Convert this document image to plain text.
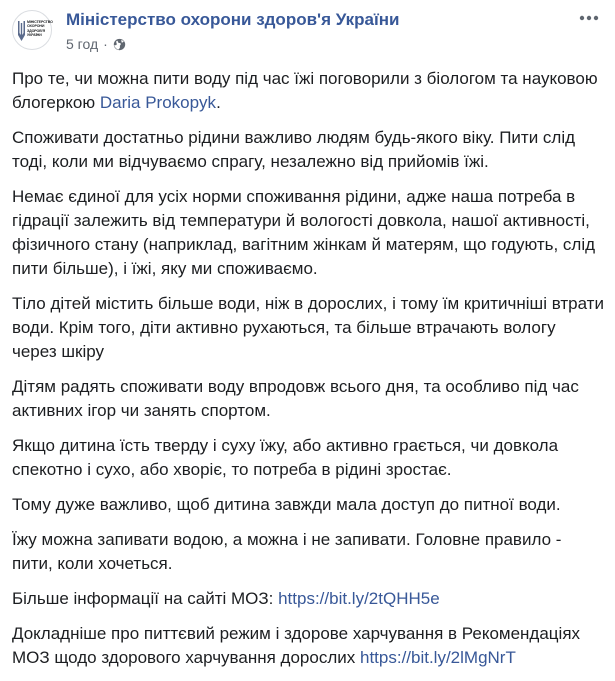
МІНІСТЕРСТВО
ОХОРОНИ
ЗДОРОВ'Я
УКРАЇНИ
Міністерство охорони здоров'я України
5 год ·

Про те, чи можна пити воду під час їжі поговорили з біологом та науковою блогеркою Daria Prokopyk.

Споживати достатньо рідини важливо людям будь-якого віку. Пити слід тоді, коли ми відчуваємо спрагу, незалежно від прийомів їжі.

Немає єдиної для усіх норми споживання рідини, адже наша потреба в гідрації залежить від температури й вологості довкола, нашої активності, фізичного стану (наприклад, вагітним жінкам й матерям, що годують, слід пити більше), і їжі, яку ми споживаємо.

Тіло дітей містить більше води, ніж в дорослих, і тому їм критичніші втрати води. Крім того, діти активно рухаються, та більше втрачають вологу через шкіру

Дітям радять споживати воду впродовж всього дня, та особливо під час активних ігор чи занять спортом.

Якщо дитина їсть тверду і суху їжу, або активно грається, чи довкола спекотно і сухо, або хворіє, то потреба в рідині зростає.

Тому дуже важливо, щоб дитина завжди мала доступ до питної води.

Їжу можна запивати водою, а можна і не запивати. Головне правило - пити, коли хочеться.

Більше інформації на сайті МОЗ: https://bit.ly/2tQHH5e

Докладніше про питтєвий режим і здорове харчування в Рекомендаціях МОЗ щодо здорового харчування дорослих https://bit.ly/2lMgNrT
